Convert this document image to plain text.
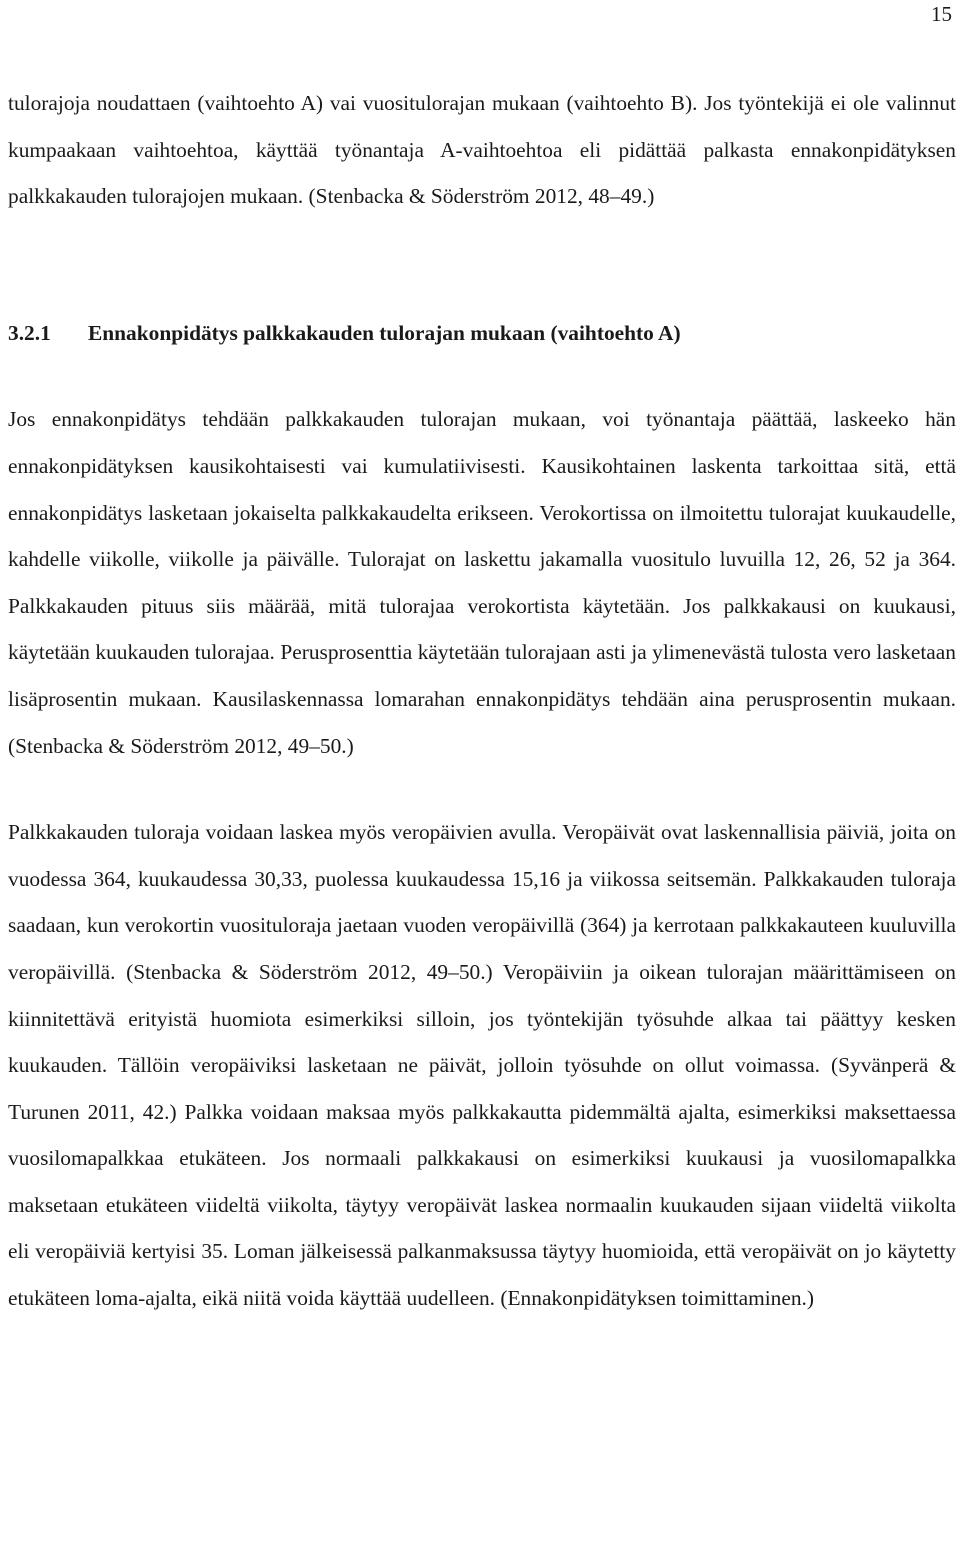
15

tulorajoja noudattaen (vaihtoehto A) vai vuositulorajan mukaan (vaihtoehto B). Jos työntekijä ei ole valinnut kumpaakaan vaihtoehtoa, käyttää työnantaja A-vaihtoehtoa eli pidättää palkasta ennakonpidätyksen palkkakauden tulorajojen mukaan. (Stenbacka & Söderström 2012, 48–49.)

3.2.1 Ennakonpidätys palkkakauden tulorajan mukaan (vaihtoehto A)

Jos ennakonpidätys tehdään palkkakauden tulorajan mukaan, voi työnantaja päättää, laskeeko hän ennakonpidätyksen kausikohtaisesti vai kumulatiivisesti. Kausikohtainen laskenta tarkoittaa sitä, että ennakonpidätys lasketaan jokaiselta palkkakaudelta erikseen. Verokortissa on ilmoitettu tulorajat kuukaudelle, kahdelle viikolle, viikolle ja päivälle. Tulorajat on laskettu jakamalla vuositulo luvuilla 12, 26, 52 ja 364. Palkkakauden pituus siis määrää, mitä tulorajaa verokortista käytetään. Jos palkkakausi on kuukausi, käytetään kuukauden tulorajaa. Perusprosenttia käytetään tulorajaan asti ja ylimenevästä tulosta vero lasketaan lisäprosentin mukaan. Kausilaskennassa lomarahan ennakonpidätys tehdään aina perusprosentin mukaan. (Stenbacka & Söderström 2012, 49–50.)

Palkkakauden tuloraja voidaan laskea myös veropäivien avulla. Veropäivät ovat laskennallisia päiviä, joita on vuodessa 364, kuukaudessa 30,33, puolessa kuukaudessa 15,16 ja viikossa seitsemän. Palkkakauden tuloraja saadaan, kun verokortin vuosituloraja jaetaan vuoden veropäivillä (364) ja kerrotaan palkkakauteen kuuluvilla veropäivillä. (Stenbacka & Söderström 2012, 49–50.) Veropäiviin ja oikean tulorajan määrittämiseen on kiinnitettävä erityistä huomiota esimerkiksi silloin, jos työntekijän työsuhde alkaa tai päättyy kesken kuukauden. Tällöin veropäiviksi lasketaan ne päivät, jolloin työsuhde on ollut voimassa. (Syvänperä & Turunen 2011, 42.) Palkka voidaan maksaa myös palkkakautta pidemmältä ajalta, esimerkiksi maksettaessa vuosilomapalkkaa etukäteen. Jos normaali palkkakausi on esimerkiksi kuukausi ja vuosilomapalkka maksetaan etukäteen viideltä viikolta, täytyy veropäivät laskea normaalin kuukauden sijaan viideltä viikolta eli veropäiviä kertyisi 35. Loman jälkeisessä palkanmaksussa täytyy huomioida, että veropäivät on jo käytetty etukäteen loma-ajalta, eikä niitä voida käyttää uudelleen. (Ennakonpidätyksen toimittaminen.)
